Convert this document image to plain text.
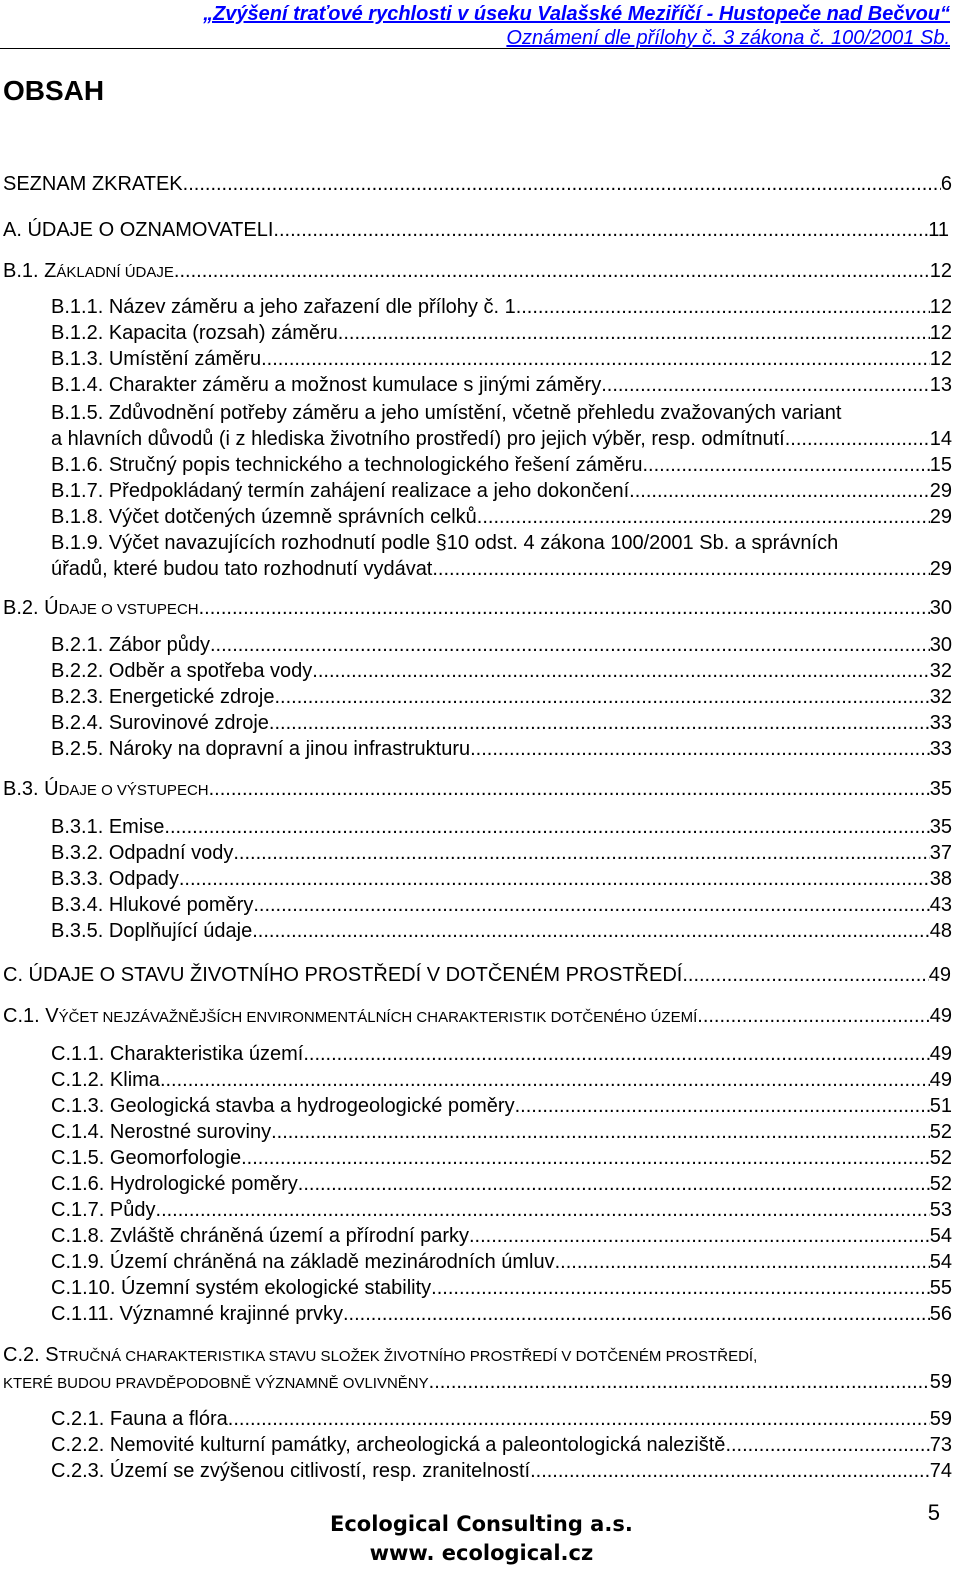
„Zvýšení traťové rychlosti v úseku Valašské Meziříčí - Hustopeče nad Bečvou“
Oznámení dle přílohy č. 3 zákona č. 100/2001 Sb.
OBSAH
SEZNAM ZKRATEK .....	6
A. ÚDAJE O OZNAMOVATELI .....	11
B.1. ZÁKLADNÍ ÚDAJE .....	12
B.1.1. Název záměru a jeho zařazení dle přílohy č. 1 .....	12
B.1.2. Kapacita (rozsah) záměru .....	12
B.1.3. Umístění záměru .....	12
B.1.4. Charakter záměru a možnost kumulace s jinými záměry .....	13
B.1.5. Zdůvodnění potřeby záměru a jeho umístění, včetně přehledu zvažovaných variant
a hlavních důvodů (i z hlediska životního prostředí) pro jejich výběr, resp. odmítnutí .....	14
B.1.6. Stručný popis technického a technologického řešení záměru .....	15
B.1.7. Předpokládaný termín zahájení realizace a jeho dokončení .....	29
B.1.8. Výčet dotčených územně správních celků .....	29
B.1.9. Výčet navazujících rozhodnutí podle §10 odst. 4 zákona 100/2001 Sb. a správních
úřadů, které budou tato rozhodnutí vydávat .....	29
B.2. ÚDAJE O VSTUPECH .....	30
B.2.1. Zábor půdy .....	30
B.2.2. Odběr a spotřeba vody .....	32
B.2.3. Energetické zdroje .....	32
B.2.4. Surovinové zdroje .....	33
B.2.5. Nároky na dopravní a jinou infrastrukturu .....	33
B.3. ÚDAJE O VÝSTUPECH .....	35
B.3.1. Emise .....	35
B.3.2. Odpadní vody .....	37
B.3.3. Odpady .....	38
B.3.4. Hlukové poměry .....	43
B.3.5. Doplňující údaje .....	48
C. ÚDAJE O STAVU ŽIVOTNÍHO PROSTŘEDÍ V DOTČENÉM PROSTŘEDÍ .....	49
C.1. VÝČET NEJZÁVAŽNĚJŠÍCH ENVIRONMENTÁLNÍCH CHARAKTERISTIK DOTČENÉHO ÚZEMÍ .....	49
C.1.1. Charakteristika území .....	49
C.1.2. Klima .....	49
C.1.3. Geologická stavba a hydrogeologické poměry .....	51
C.1.4. Nerostné suroviny .....	52
C.1.5. Geomorfologie .....	52
C.1.6. Hydrologické poměry .....	52
C.1.7. Půdy .....	53
C.1.8. Zvláště chráněná území a přírodní parky .....	54
C.1.9. Území chráněná na základě mezinárodních úmluv .....	54
C.1.10. Územní systém ekologické stability .....	55
C.1.11. Významné krajinné prvky .....	56
C.2. STRUČNÁ CHARAKTERISTIKA STAVU SLOŽEK ŽIVOTNÍHO PROSTŘEDÍ V DOTČENÉM PROSTŘEDÍ,
KTERÉ BUDOU PRAVDĚPODOBNĚ VÝZNAMNĚ OVLIVNĚNY .....	59
C.2.1. Fauna a flóra .....	59
C.2.2. Nemovité kulturní památky, archeologická a paleontologická naleziště .....	73
C.2.3. Území se zvýšenou citlivostí, resp. zranitelností .....	74
5
Ecological Consulting a.s.
www. ecological.cz
